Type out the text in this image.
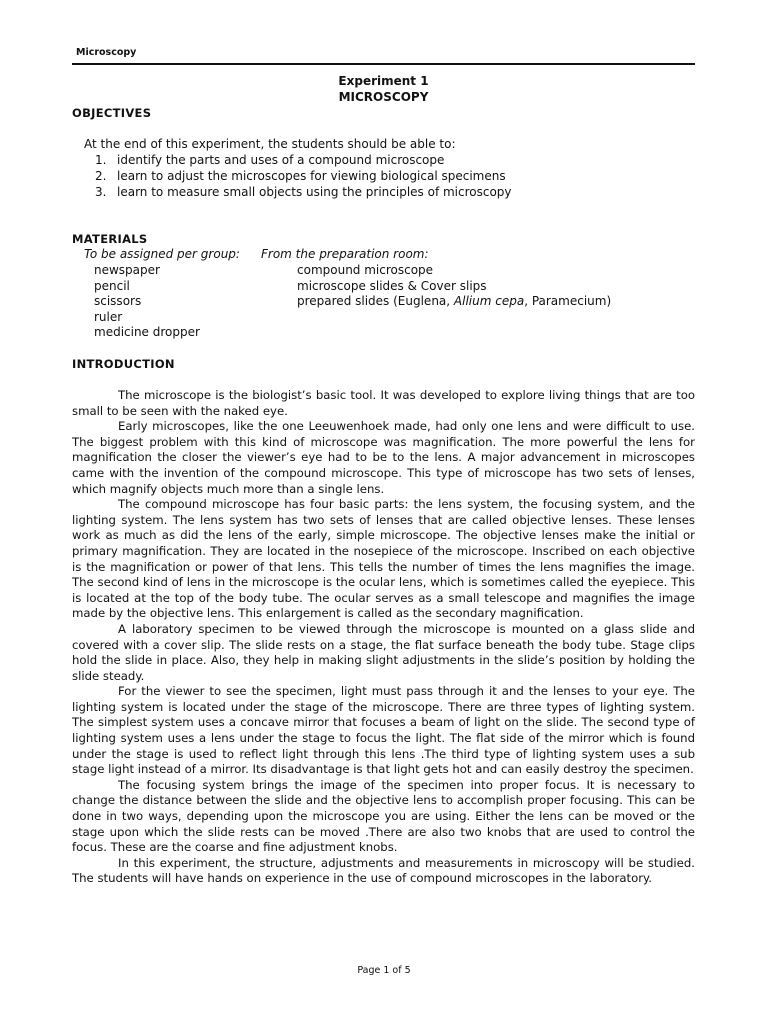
Microscopy
Experiment 1
MICROSCOPY
OBJECTIVES
At the end of this experiment, the students should be able to:
1. identify the parts and uses of a compound microscope
2. learn to adjust the microscopes for viewing biological specimens
3. learn to measure small objects using the principles of microscopy
MATERIALS
To be assigned per group: From the preparation room:
newspaper
pencil
scissors
ruler
medicine dropper
compound microscope
microscope slides & Cover slips
prepared slides (Euglena, Allium cepa, Paramecium)
INTRODUCTION

The microscope is the biologist’s basic tool. It was developed to explore living things that are too small to be seen with the naked eye.

Early microscopes, like the one Leeuwenhoek made, had only one lens and were difficult to use. The biggest problem with this kind of microscope was magnification. The more powerful the lens for magnification the closer the viewer’s eye had to be to the lens. A major advancement in microscopes came with the invention of the compound microscope. This type of microscope has two sets of lenses, which magnify objects much more than a single lens.

The compound microscope has four basic parts: the lens system, the focusing system, and the lighting system. The lens system has two sets of lenses that are called objective lenses. These lenses work as much as did the lens of the early, simple microscope. The objective lenses make the initial or primary magnification. They are located in the nosepiece of the microscope. Inscribed on each objective is the magnification or power of that lens. This tells the number of times the lens magnifies the image. The second kind of lens in the microscope is the ocular lens, which is sometimes called the eyepiece. This is located at the top of the body tube. The ocular serves as a small telescope and magnifies the image made by the objective lens. This enlargement is called as the secondary magnification.

A laboratory specimen to be viewed through the microscope is mounted on a glass slide and covered with a cover slip. The slide rests on a stage, the flat surface beneath the body tube. Stage clips hold the slide in place. Also, they help in making slight adjustments in the slide’s position by holding the slide steady.

For the viewer to see the specimen, light must pass through it and the lenses to your eye. The lighting system is located under the stage of the microscope. There are three types of lighting system. The simplest system uses a concave mirror that focuses a beam of light on the slide. The second type of lighting system uses a lens under the stage to focus the light. The flat side of the mirror which is found under the stage is used to reflect light through this lens .The third type of lighting system uses a sub stage light instead of a mirror. Its disadvantage is that light gets hot and can easily destroy the specimen.

The focusing system brings the image of the specimen into proper focus. It is necessary to change the distance between the slide and the objective lens to accomplish proper focusing. This can be done in two ways, depending upon the microscope you are using. Either the lens can be moved or the stage upon which the slide rests can be moved .There are also two knobs that are used to control the focus. These are the coarse and fine adjustment knobs.

In this experiment, the structure, adjustments and measurements in microscopy will be studied. The students will have hands on experience in the use of compound microscopes in the laboratory.

Page 1 of 5
